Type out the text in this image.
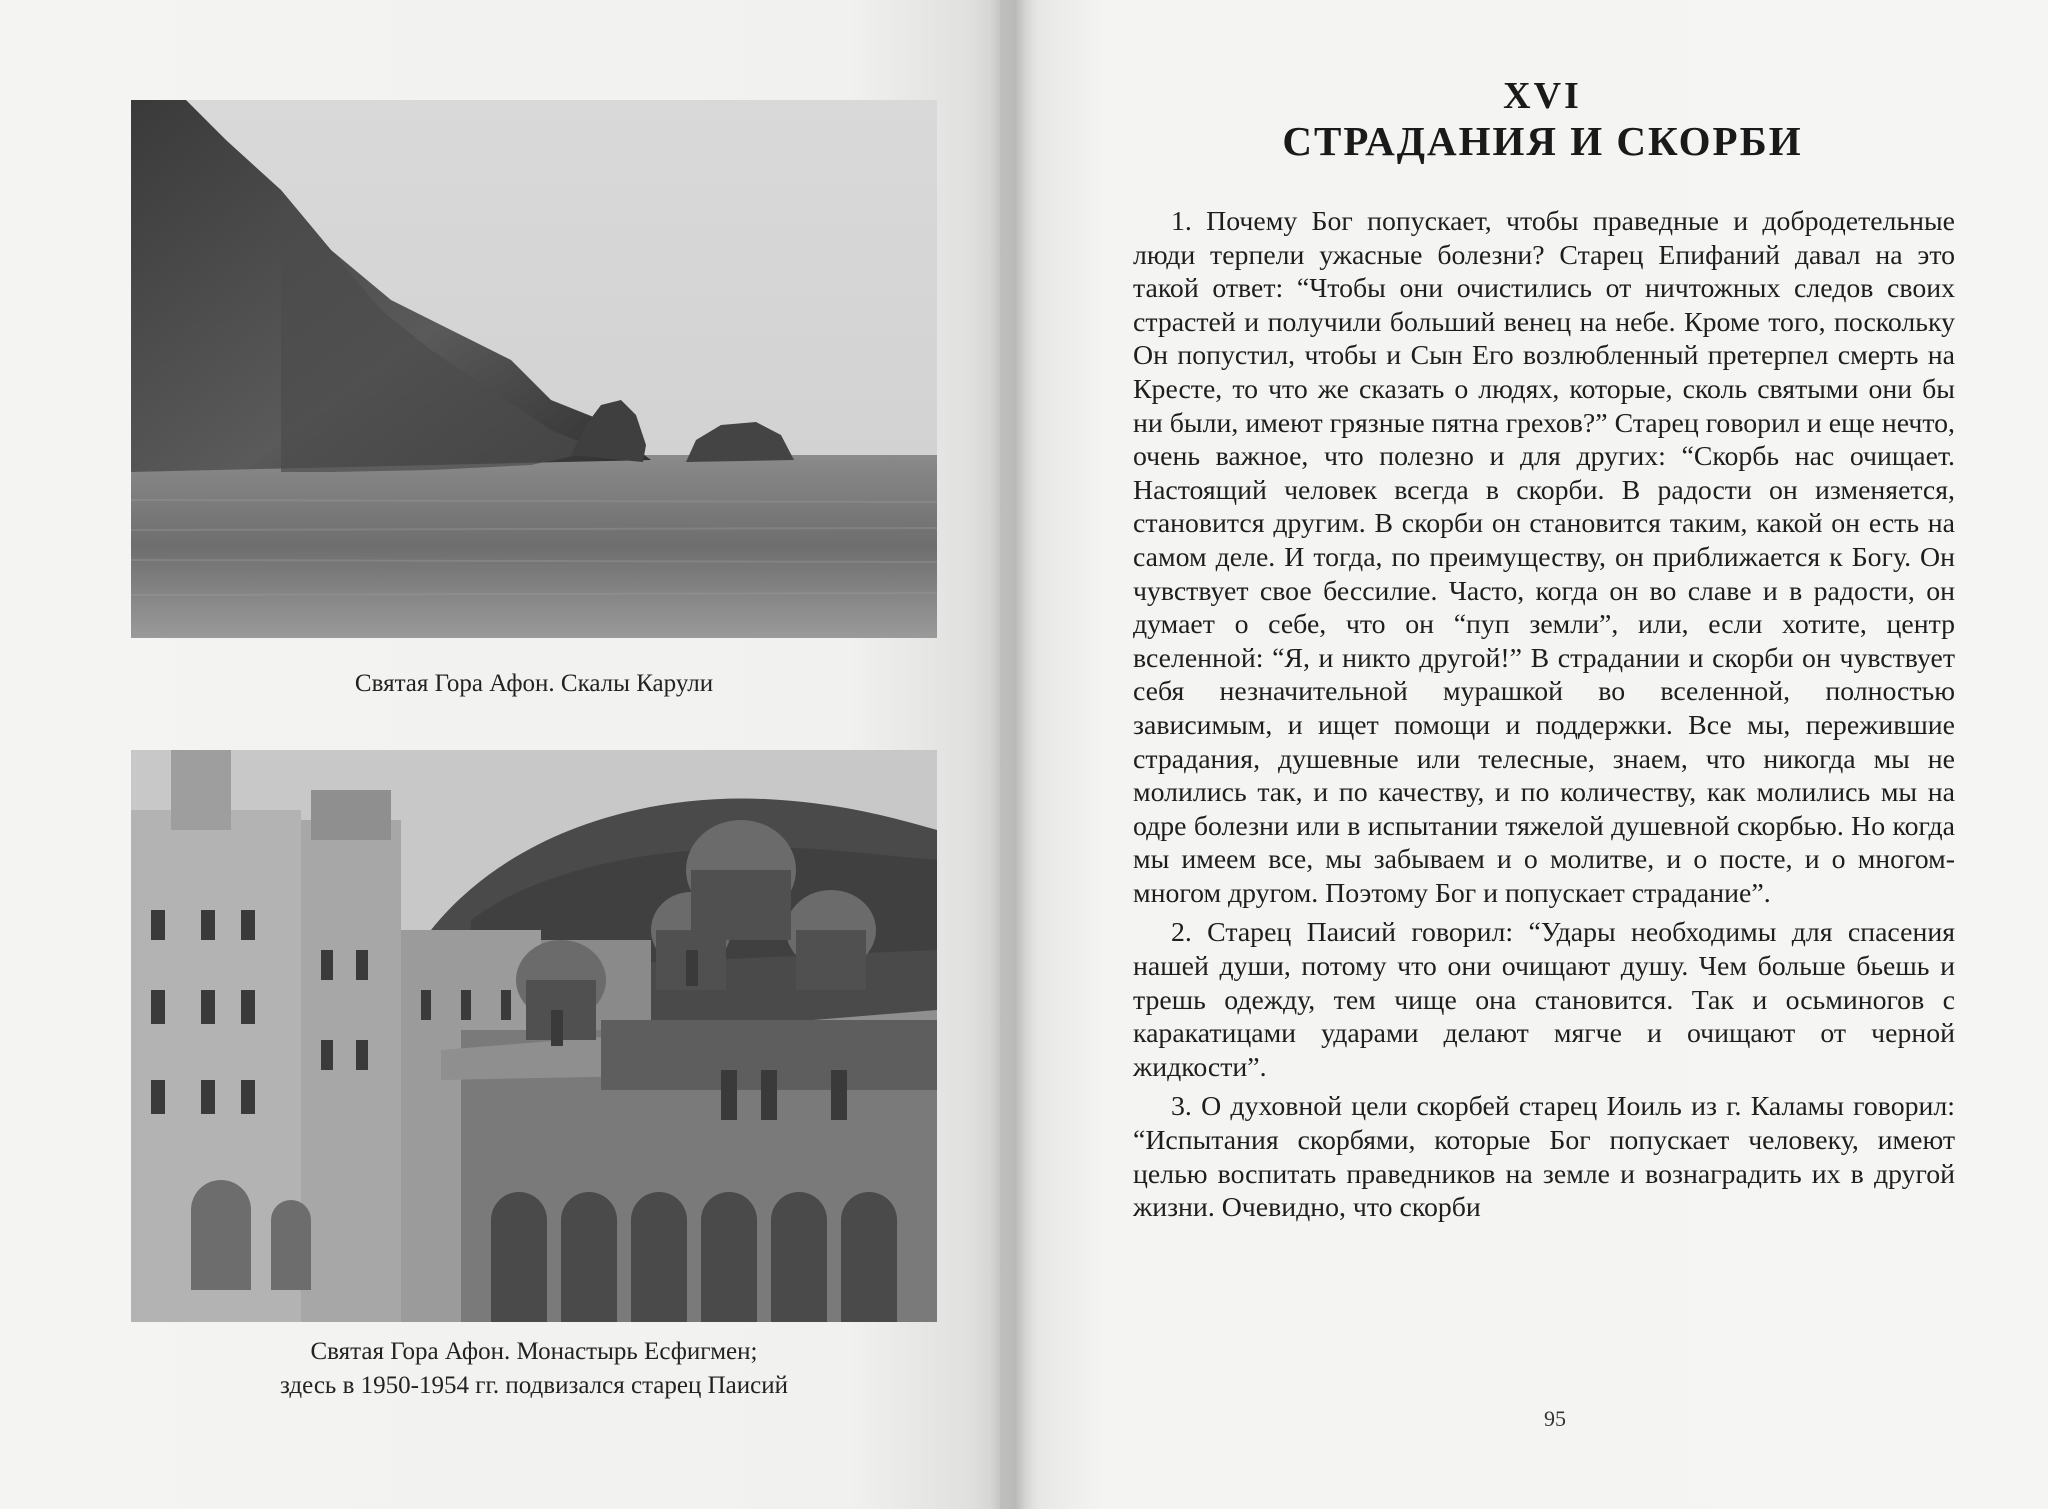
Святая Гора Афон. Скалы Карули
Святая Гора Афон. Монастырь Есфигмен;
здесь в 1950-1954 гг. подвизался старец Паисий
XVI
СТРАДАНИЯ И СКОРБИ

1. Почему Бог попускает, чтобы праведные и добродетельные люди терпели ужасные болезни? Старец Епифаний давал на это такой ответ: “Чтобы они очистились от ничтожных следов своих страстей и получили больший венец на небе. Кроме того, поскольку Он попустил, чтобы и Сын Его возлюбленный претерпел смерть на Кресте, то что же сказать о людях, которые, сколь святыми они бы ни были, имеют грязные пятна грехов?” Старец говорил и еще нечто, очень важное, что полезно и для других: “Скорбь нас очищает. Настоящий человек всегда в скорби. В радости он изменяется, становится другим. В скорби он становится таким, какой он есть на самом деле. И тогда, по преимуществу, он приближается к Богу. Он чувствует свое бессилие. Часто, когда он во славе и в радости, он думает о себе, что он “пуп земли”, или, если хотите, центр вселенной: “Я, и никто другой!” В страдании и скорби он чувствует себя незначительной мурашкой во вселенной, полностью зависимым, и ищет помощи и поддержки. Все мы, пережившие страдания, душевные или телесные, знаем, что никогда мы не молились так, и по качеству, и по количеству, как молились мы на одре болезни или в испытании тяжелой душевной скорбью. Но когда мы имеем все, мы забываем и о молитве, и о посте, и о многом-многом другом. Поэтому Бог и попускает страдание”.

2. Старец Паисий говорил: “Удары необходимы для спасения нашей души, потому что они очищают душу. Чем больше бьешь и трешь одежду, тем чище она становится. Так и осьминогов с каракатицами ударами делают мягче и очищают от черной жидкости”.

3. О духовной цели скорбей старец Иоиль из г. Каламы говорил: “Испытания скорбями, которые Бог попускает человеку, имеют целью воспитать праведников на земле и вознаградить их в другой жизни. Очевидно, что скорби

95
